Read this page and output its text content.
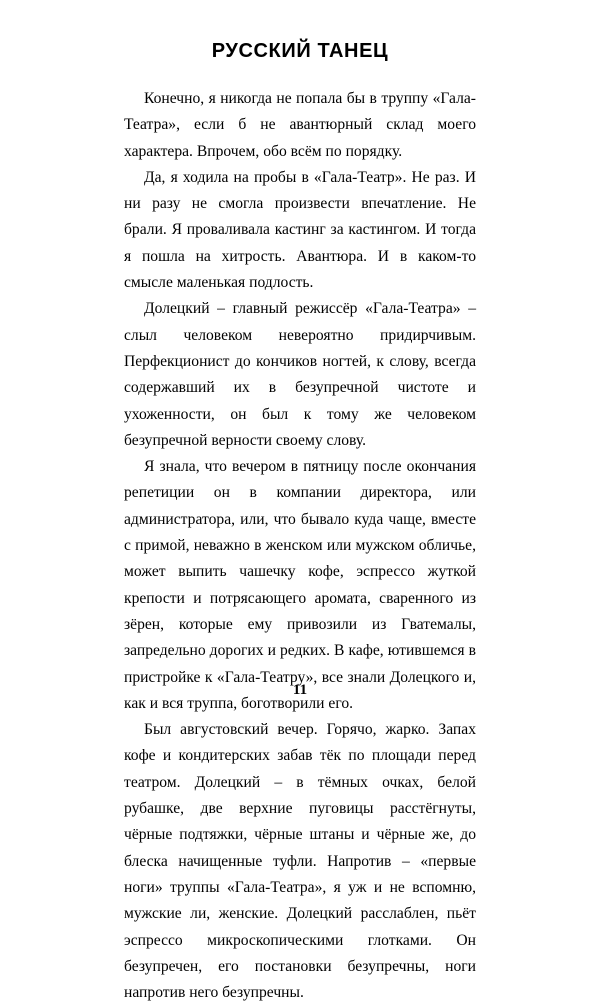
РУССКИЙ ТАНЕЦ

Конечно, я никогда не попала бы в труппу «Гала-Театра», если б не авантюрный склад моего характера. Впрочем, обо всём по порядку.

Да, я ходила на пробы в «Гала-Театр». Не раз. И ни разу не смогла произвести впечатление. Не брали. Я проваливала кастинг за кастингом. И тогда я пошла на хитрость. Авантюра. И в каком-то смысле маленькая подлость.

Долецкий – главный режиссёр «Гала-Театра» – слыл человеком невероятно придирчивым. Перфекционист до кончиков ногтей, к слову, всегда содержавший их в безупречной чистоте и ухоженности, он был к тому же человеком безупречной верности своему слову.

Я знала, что вечером в пятницу после окончания репетиции он в компании директора, или администратора, или, что бывало куда чаще, вместе с примой, неважно в женском или мужском обличье, может выпить чашечку кофе, эспрессо жуткой крепости и потрясающего аромата, сваренного из зёрен, которые ему привозили из Гватемалы, запредельно дорогих и редких. В кафе, ютившемся в пристройке к «Гала-Театру», все знали Долецкого и, как и вся труппа, боготворили его.

Был августовский вечер. Горячо, жарко. Запах кофе и кондитерских забав тёк по площади перед театром. Долецкий – в тёмных очках, белой рубашке, две верхние пуговицы расстёгнуты, чёрные подтяжки, чёрные штаны и чёрные же, до блеска начищенные туфли. Напротив – «первые ноги» труппы «Гала-Театра», я уж и не вспомню, мужские ли, женские. Долецкий расслаблен, пьёт эспрессо микроскопическими глотками. Он безупречен, его постановки безупречны, ноги напротив него безупречны.

11
